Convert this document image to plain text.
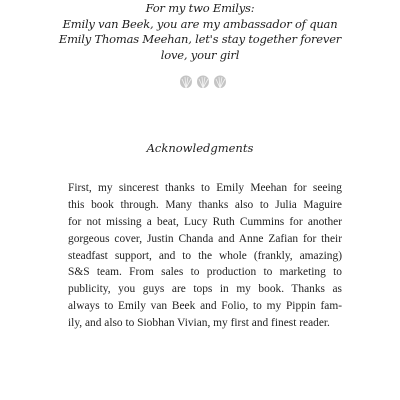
For my two Emilys:
Emily van Beek, you are my ambassador of quan
Emily Thomas Meehan, let's stay together forever
love, your girl
Acknowledgments
First, my sincerest thanks to Emily Meehan for seeing
this book through. Many thanks also to Julia Maguire
for not missing a beat, Lucy Ruth Cummins for another
gorgeous cover, Justin Chanda and Anne Zafian for their
steadfast support, and to the whole (frankly, amazing)
S&S team. From sales to production to marketing to
publicity, you guys are tops in my book. Thanks as
always to Emily van Beek and Folio, to my Pippin fam-
ily, and also to Siobhan Vivian, my first and finest reader.
